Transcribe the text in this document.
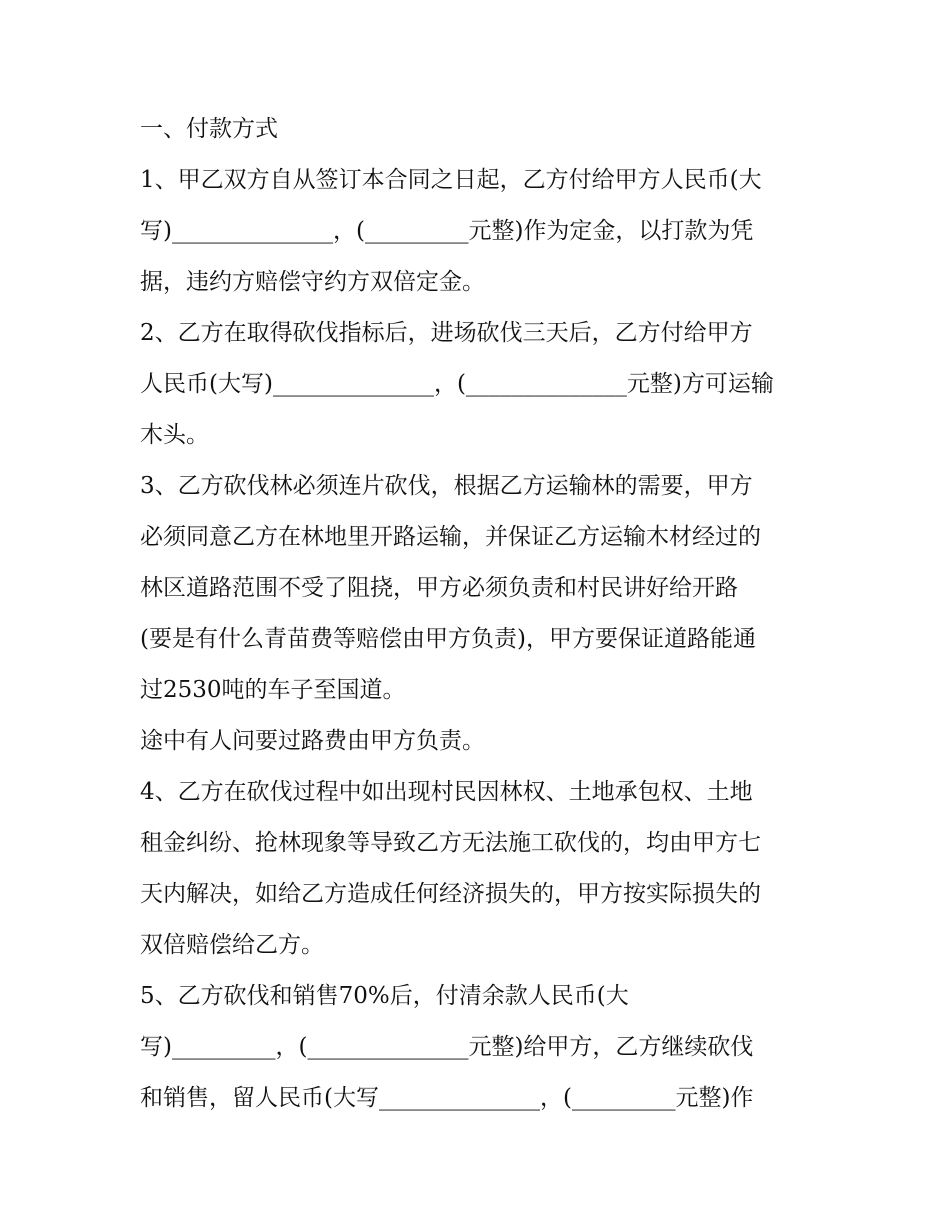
一、付款方式
1、甲乙双方自从签订本合同之日起，乙方付给甲方人民币(大
写)______________，(_________元整)作为定金，以打款为凭
据，违约方赔偿守约方双倍定金。
2、乙方在取得砍伐指标后，进场砍伐三天后，乙方付给甲方
人民币(大写)______________，(______________元整)方可运输
木头。
3、乙方砍伐林必须连片砍伐，根据乙方运输林的需要，甲方
必须同意乙方在林地里开路运输，并保证乙方运输木材经过的
林区道路范围不受了阻挠，甲方必须负责和村民讲好给开路
(要是有什么青苗费等赔偿由甲方负责)，甲方要保证道路能通
过2530吨的车子至国道。
途中有人问要过路费由甲方负责。
4、乙方在砍伐过程中如出现村民因林权、土地承包权、土地
租金纠纷、抢林现象等导致乙方无法施工砍伐的，均由甲方七
天内解决，如给乙方造成任何经济损失的，甲方按实际损失的
双倍赔偿给乙方。
5、乙方砍伐和销售70%后，付清余款人民币(大
写)_________，(______________元整)给甲方，乙方继续砍伐
和销售，留人民币(大写______________，(_________元整)作
